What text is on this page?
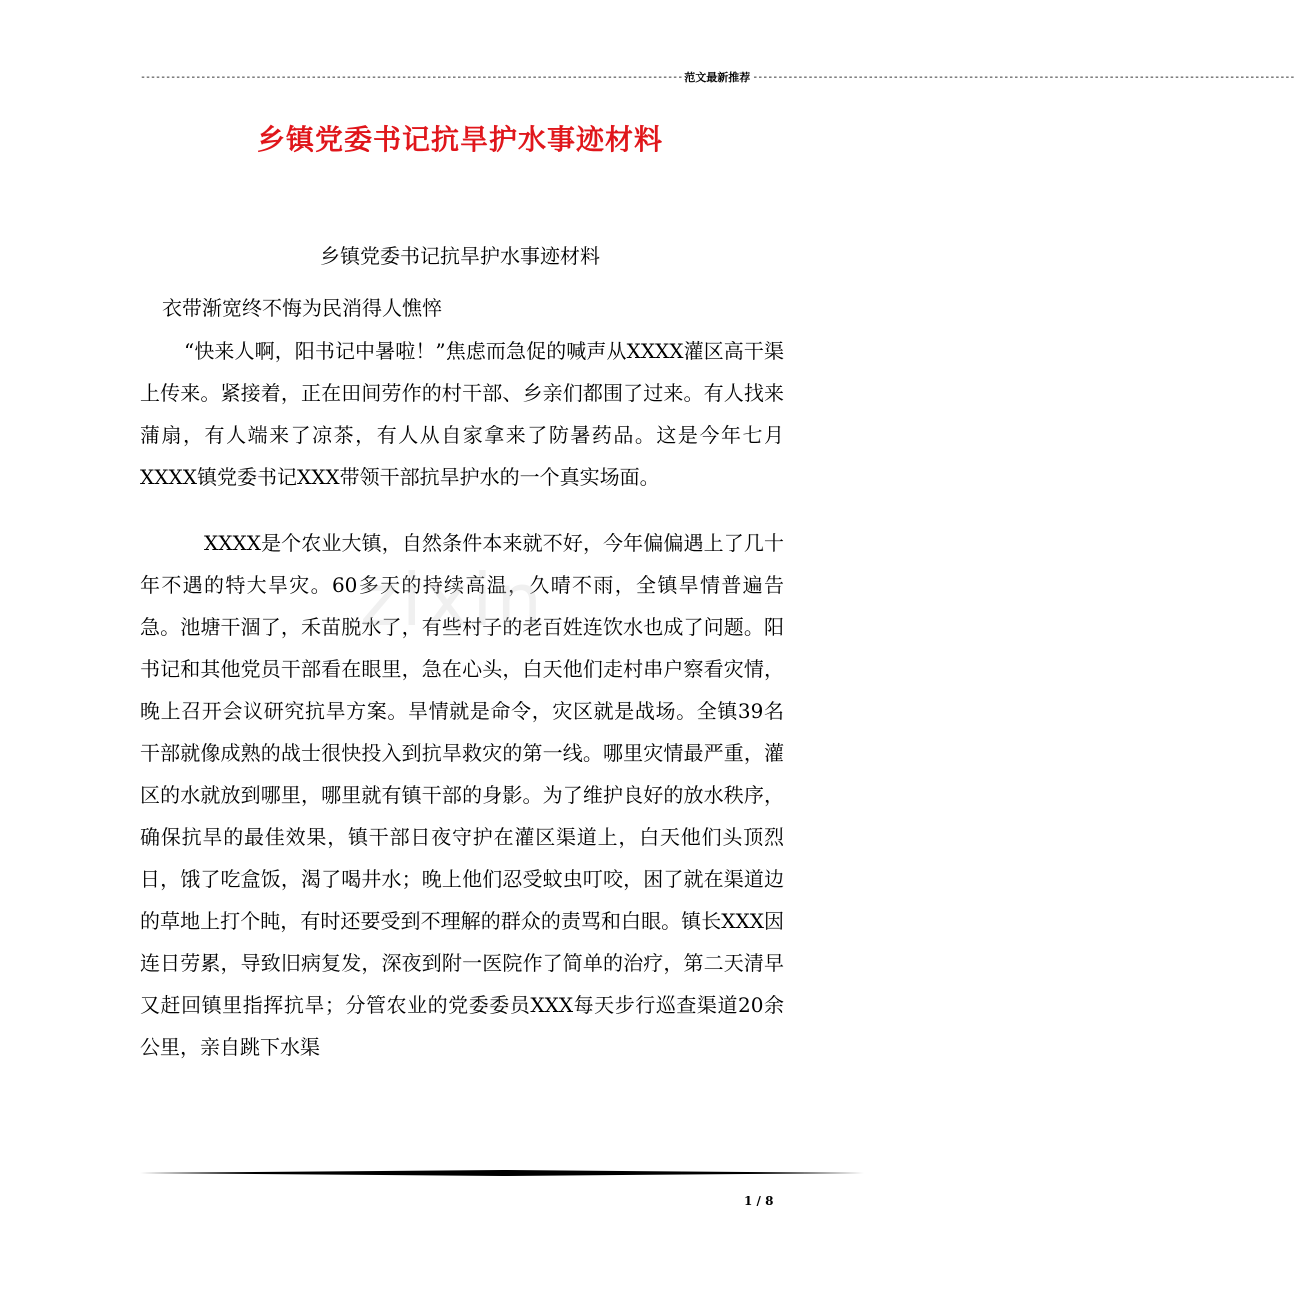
------------------------------------------------------------------------------------------------------------ 范文最新推荐 ------------------------------------------------------------------------------------------------------------
乡镇党委书记抗旱护水事迹材料
乡镇党委书记抗旱护水事迹材料
衣带渐宽终不悔为民消得人憔悴
“快来人啊，阳书记中暑啦！”焦虑而急促的喊声从XXXX灌区高干渠上传来。紧接着，正在田间劳作的村干部、乡亲们都围了过来。有人找来蒲扇，有人端来了凉茶，有人从自家拿来了防暑药品。这是今年七月XXXX镇党委书记XXX带领干部抗旱护水的一个真实场面。
XXXX是个农业大镇，自然条件本来就不好，今年偏偏遇上了几十年不遇的特大旱灾。60多天的持续高温，久晴不雨，全镇旱情普遍告急。池塘干涸了，禾苗脱水了，有些村子的老百姓连饮水也成了问题。阳书记和其他党员干部看在眼里，急在心头，白天他们走村串户察看灾情，晚上召开会议研究抗旱方案。旱情就是命令，灾区就是战场。全镇39名干部就像成熟的战士很快投入到抗旱救灾的第一线。哪里灾情最严重，灌区的水就放到哪里，哪里就有镇干部的身影。为了维护良好的放水秩序，确保抗旱的最佳效果，镇干部日夜守护在灌区渠道上，白天他们头顶烈日，饿了吃盒饭，渴了喝井水；晚上他们忍受蚊虫叮咬，困了就在渠道边的草地上打个盹，有时还要受到不理解的群众的责骂和白眼。镇长XXX因连日劳累，导致旧病复发，深夜到附一医院作了简单的治疗，第二天清早又赶回镇里指挥抗旱；分管农业的党委委员XXX每天步行巡查渠道20余公里，亲自跳下水渠
zixin
1 / 8
